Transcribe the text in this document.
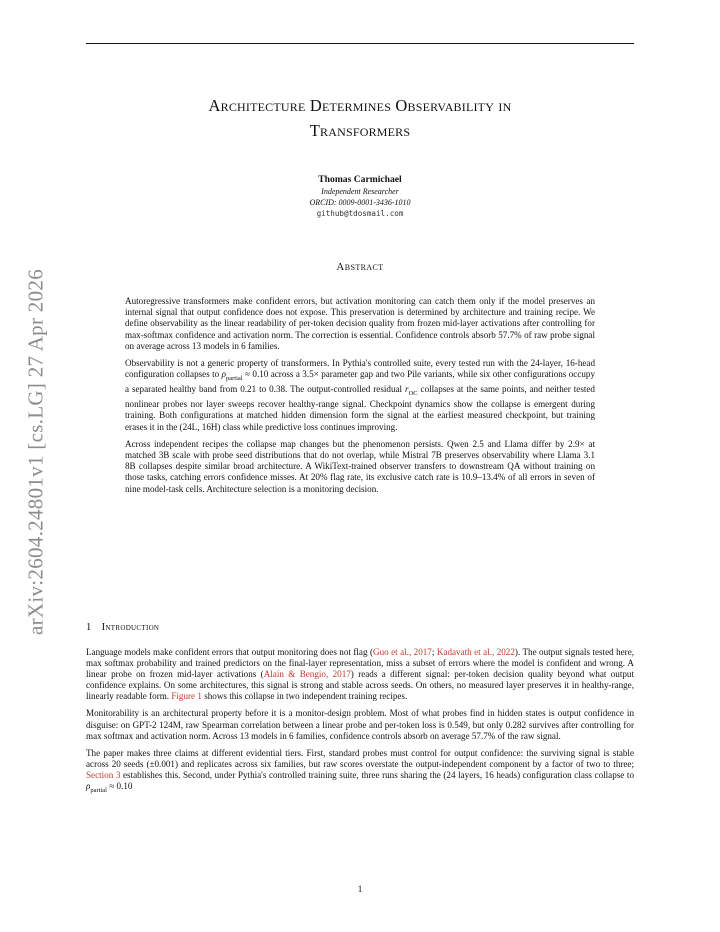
arXiv:2604.24801v1 [cs.LG] 27 Apr 2026
Architecture Determines Observability in
Transformers
Thomas Carmichael
Independent Researcher
ORCID: 0009-0001-3436-1010
github@tdosmail.com
Abstract

Autoregressive transformers make confident errors, but activation monitoring can catch them only if the model preserves an internal signal that output confidence does not expose. This preservation is determined by architecture and training recipe. We define observability as the linear readability of per-token decision quality from frozen mid-layer activations after controlling for max-softmax confidence and activation norm. The correction is essential. Confidence controls absorb 57.7% of raw probe signal on average across 13 models in 6 families.

Observability is not a generic property of transformers. In Pythia's controlled suite, every tested run with the 24-layer, 16-head configuration collapses to $\rho_{partial} \approx 0.10$ across a 3.5× parameter gap and two Pile variants, while six other configurations occupy a separated healthy band from 0.21 to 0.38. The output-controlled residual $r_{OC}$ collapses at the same points, and neither tested nonlinear probes nor layer sweeps recover healthy-range signal. Checkpoint dynamics show the collapse is emergent during training. Both configurations at matched hidden dimension form the signal at the earliest measured checkpoint, but training erases it in the (24L, 16H) class while predictive loss continues improving.

Across independent recipes the collapse map changes but the phenomenon persists. Qwen 2.5 and Llama differ by 2.9× at matched 3B scale with probe seed distributions that do not overlap, while Mistral 7B preserves observability where Llama 3.1 8B collapses despite similar broad architecture. A WikiText-trained observer transfers to downstream QA without training on those tasks, catching errors confidence misses. At 20% flag rate, its exclusive catch rate is 10.9–13.4% of all errors in seven of nine model-task cells. Architecture selection is a monitoring decision.

1 Introduction

Language models make confident errors that output monitoring does not flag (Guo et al., 2017; Kadavath et al., 2022). The output signals tested here, max softmax probability and trained predictors on the final-layer representation, miss a subset of errors where the model is confident and wrong. A linear probe on frozen mid-layer activations (Alain & Bengio, 2017) reads a different signal: per-token decision quality beyond what output confidence explains. On some architectures, this signal is strong and stable across seeds. On others, no measured layer preserves it in healthy-range, linearly readable form. Figure 1 shows this collapse in two independent training recipes.

Monitorability is an architectural property before it is a monitor-design problem. Most of what probes find in hidden states is output confidence in disguise: on GPT-2 124M, raw Spearman correlation between a linear probe and per-token loss is 0.549, but only 0.282 survives after controlling for max softmax and activation norm. Across 13 models in 6 families, confidence controls absorb on average 57.7% of the raw signal.

The paper makes three claims at different evidential tiers. First, standard probes must control for output confidence: the surviving signal is stable across 20 seeds (±0.001) and replicates across six families, but raw scores overstate the output-independent component by a factor of two to three; Section 3 establishes this. Second, under Pythia's controlled training suite, three runs sharing the (24 layers, 16 heads) configuration class collapse to $\rho_{partial} \approx 0.10$

1
